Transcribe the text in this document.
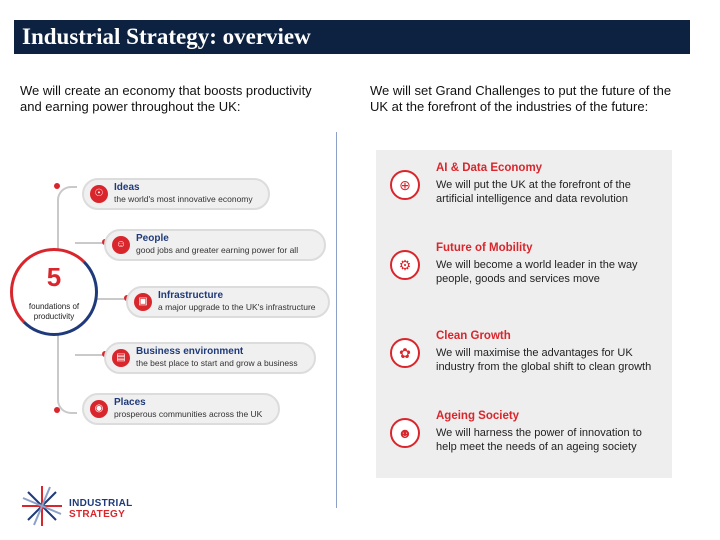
Industrial Strategy: overview
We will create an economy that boosts productivity and earning power throughout the UK:
We will set Grand Challenges to put the future of the UK at the forefront of the industries of the future:
5
foundations of productivity
☉
Ideas
the world's most innovative economy
☺
People
good jobs and greater earning power for all
▣
Infrastructure
a major upgrade to the UK's infrastructure
▤
Business environment
the best place to start and grow a business
◉
Places
prosperous communities across the UK
INDUSTRIAL
STRATEGY
⊕
AI & Data Economy
We will put the UK at the forefront of the artificial intelligence and data revolution
⚙
Future of Mobility
We will become a world leader in the way people, goods and services move
✿
Clean Growth
We will maximise the advantages for UK industry from the global shift to clean growth
☻
Ageing Society
We will harness the power of innovation to help meet the needs of an ageing society
